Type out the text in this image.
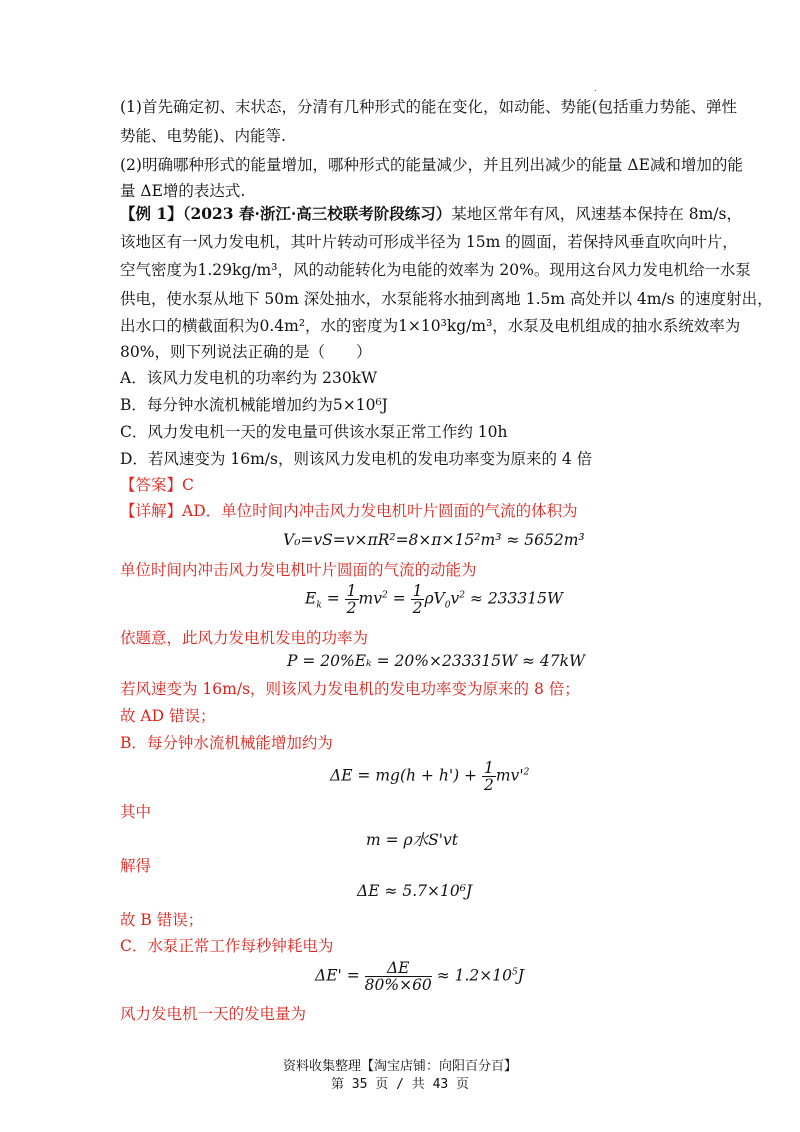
.
(1)首先确定初、末状态，分清有几种形式的能在变化，如动能、势能(包括重力势能、弹性
势能、电势能)、内能等.
(2)明确哪种形式的能量增加，哪种形式的能量减少，并且列出减少的能量 ΔE减和增加的能
量 ΔE增的表达式.
【例 1】（2023 春·浙江·高三校联考阶段练习）某地区常年有风，风速基本保持在 8m/s，
该地区有一风力发电机，其叶片转动可形成半径为 15m 的圆面，若保持风垂直吹向叶片，
空气密度为1.29kg/m³，风的动能转化为电能的效率为 20%。现用这台风力发电机给一水泵
供电，使水泵从地下 50m 深处抽水，水泵能将水抽到离地 1.5m 高处并以 4m/s 的速度射出，
出水口的横截面积为0.4m²，水的密度为1×10³kg/m³，水泵及电机组成的抽水系统效率为
80%，则下列说法正确的是（　　）
A．该风力发电机的功率约为 230kW
B．每分钟水流机械能增加约为5×10⁶J
C．风力发电机一天的发电量可供该水泵正常工作约 10h
D．若风速变为 16m/s，则该风力发电机的发电功率变为原来的 4 倍
【答案】C
【详解】AD．单位时间内冲击风力发电机叶片圆面的气流的体积为
V₀=vS=v×πR²=8×π×15²m³ ≈ 5652m³
单位时间内冲击风力发电机叶片圆面的气流的动能为
$E_k = \frac{1}{2} mv^2 = \frac{1}{2} \rho V_0v^2 \approx 233315W$
依题意，此风力发电机发电的功率为
P = 20%Eₖ = 20%×233315W ≈ 47kW
若风速变为 16m/s，则该风力发电机的发电功率变为原来的 8 倍；
故 AD 错误；
B．每分钟水流机械能增加约为
$\Delta E = mg(h + h') + \frac{1}{2} mv'^2$
其中
m = ρ水S'vt
解得
ΔE ≈ 5.7×10⁶J
故 B 错误；
C．水泵正常工作每秒钟耗电为
$\Delta E' = \frac{\Delta E}{80\%\times 60} \approx 1.2\times 10^5J$
风力发电机一天的发电量为
资料收集整理【淘宝店铺：向阳百分百】
第 35 页 / 共 43 页
